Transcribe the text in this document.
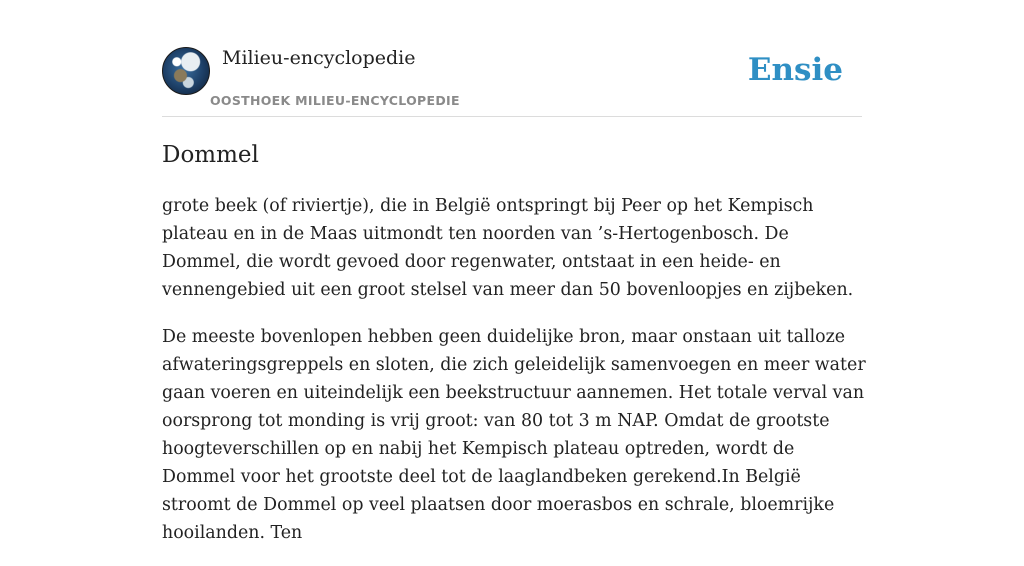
Milieu-encyclopedie
OOSTHOEK MILIEU-ENCYCLOPEDIE
Ensie
Dommel

grote beek (of riviertje), die in België ontspringt bij Peer op het Kempisch plateau en in de Maas uitmondt ten noorden van ’s-Hertogenbosch. De Dommel, die wordt gevoed door regenwater, ontstaat in een heide- en vennengebied uit een groot stelsel van meer dan 50 bovenloopjes en zijbeken.

De meeste bovenlopen hebben geen duidelijke bron, maar onstaan uit talloze afwateringsgreppels en sloten, die zich geleidelijk samenvoegen en meer water gaan voeren en uiteindelijk een beekstructuur aannemen. Het totale verval van oorsprong tot monding is vrij groot: van 80 tot 3 m NAP. Omdat de grootste hoogteverschillen op en nabij het Kempisch plateau optreden, wordt de Dommel voor het grootste deel tot de laaglandbeken gerekend.In België stroomt de Dommel op veel plaatsen door moerasbos en schrale, bloemrijke hooilanden. Ten
